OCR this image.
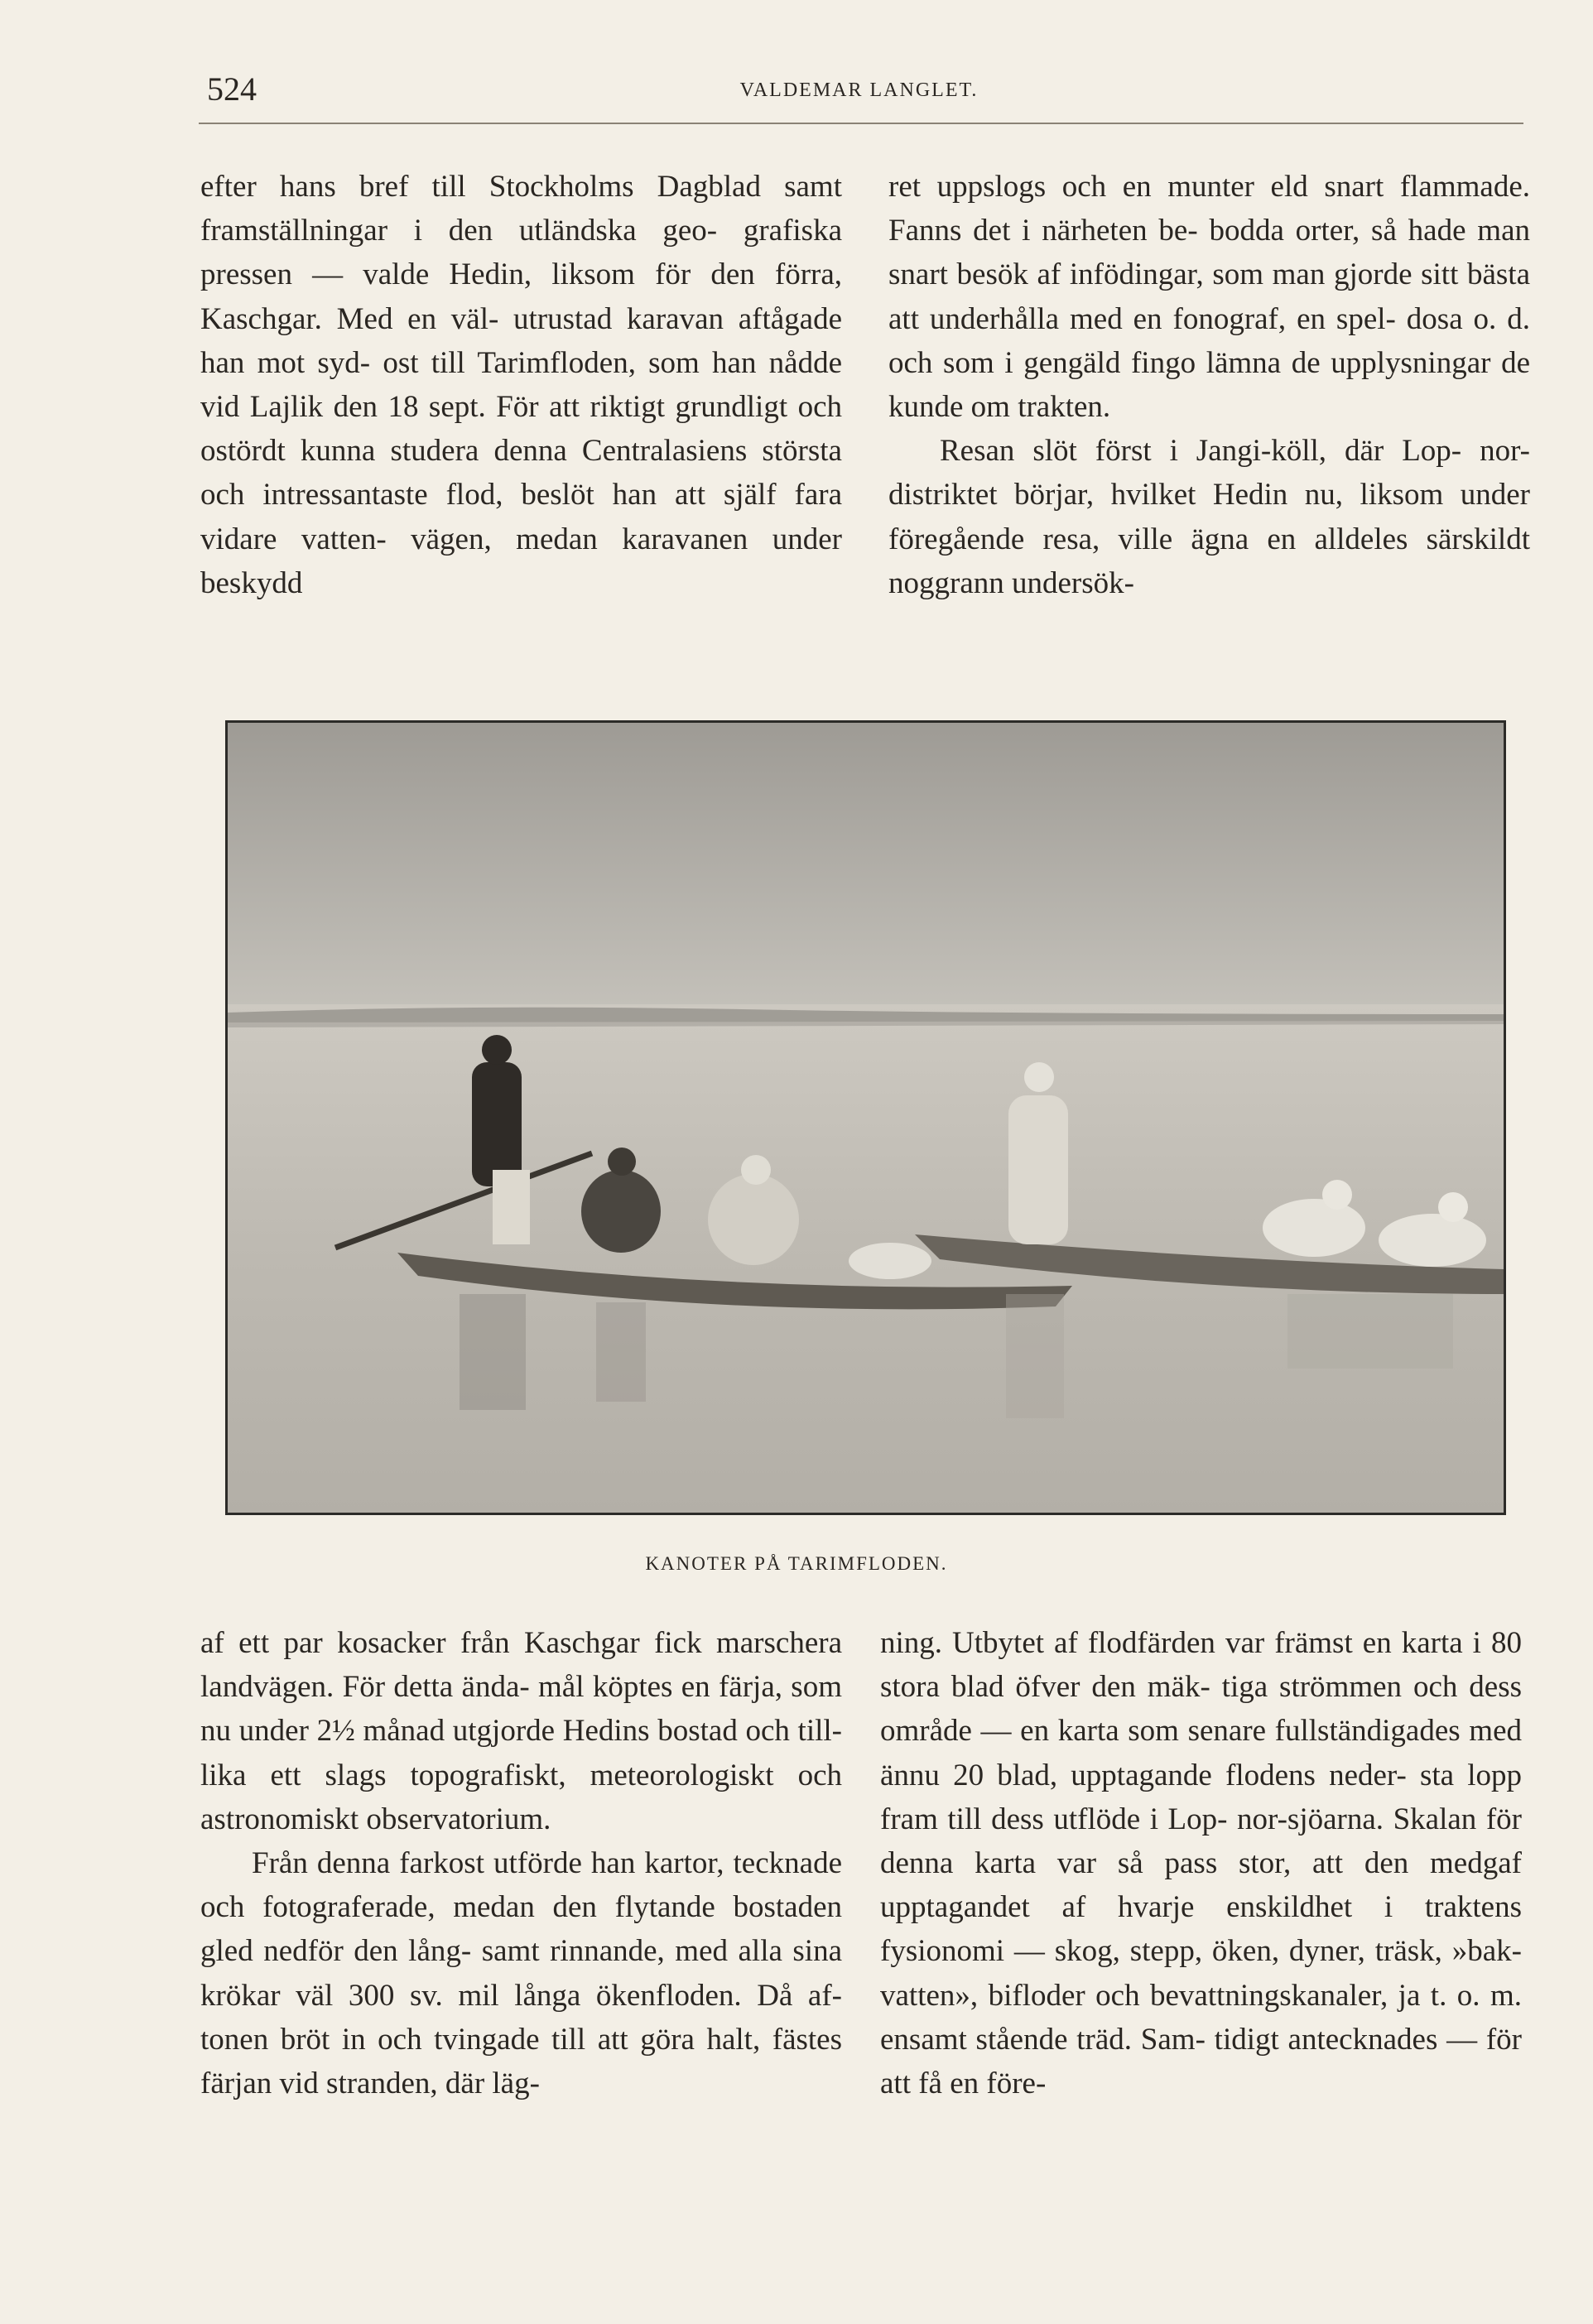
524	VALDEMAR LANGLET.

efter hans bref till Stockholms Dagblad samt framställningar i den utländska geo- grafiska pressen — valde Hedin, liksom för den förra, Kaschgar. Med en väl- utrustad karavan aftågade han mot syd- ost till Tarimfloden, som han nådde vid Lajlik den 18 sept. För att riktigt grundligt och ostördt kunna studera denna Centralasiens största och intressantaste flod, beslöt han att själf fara vidare vatten- vägen, medan karavanen under beskydd

ret uppslogs och en munter eld snart flammade. Fanns det i närheten be- bodda orter, så hade man snart besök af infödingar, som man gjorde sitt bästa att underhålla med en fonograf, en spel- dosa o. d. och som i gengäld fingo lämna de upplysningar de kunde om trakten.

Resan slöt först i Jangi-köll, där Lop- nor-distriktet börjar, hvilket Hedin nu, liksom under föregående resa, ville ägna en alldeles särskildt noggrann undersök-

KANOTER PÅ TARIMFLODEN.

af ett par kosacker från Kaschgar fick marschera landvägen. För detta ända- mål köptes en färja, som nu under 2½ månad utgjorde Hedins bostad och till- lika ett slags topografiskt, meteorologiskt och astronomiskt observatorium.

Från denna farkost utförde han kartor, tecknade och fotograferade, medan den flytande bostaden gled nedför den lång- samt rinnande, med alla sina krökar väl 300 sv. mil långa ökenfloden. Då af- tonen bröt in och tvingade till att göra halt, fästes färjan vid stranden, där läg-

ning. Utbytet af flodfärden var främst en karta i 80 stora blad öfver den mäk- tiga strömmen och dess område — en karta som senare fullständigades med ännu 20 blad, upptagande flodens neder- sta lopp fram till dess utflöde i Lop- nor-sjöarna. Skalan för denna karta var så pass stor, att den medgaf upptagandet af hvarje enskildhet i traktens fysionomi — skog, stepp, öken, dyner, träsk, »bak- vatten», bifloder och bevattningskanaler, ja t. o. m. ensamt stående träd. Sam- tidigt antecknades — för att få en före-
